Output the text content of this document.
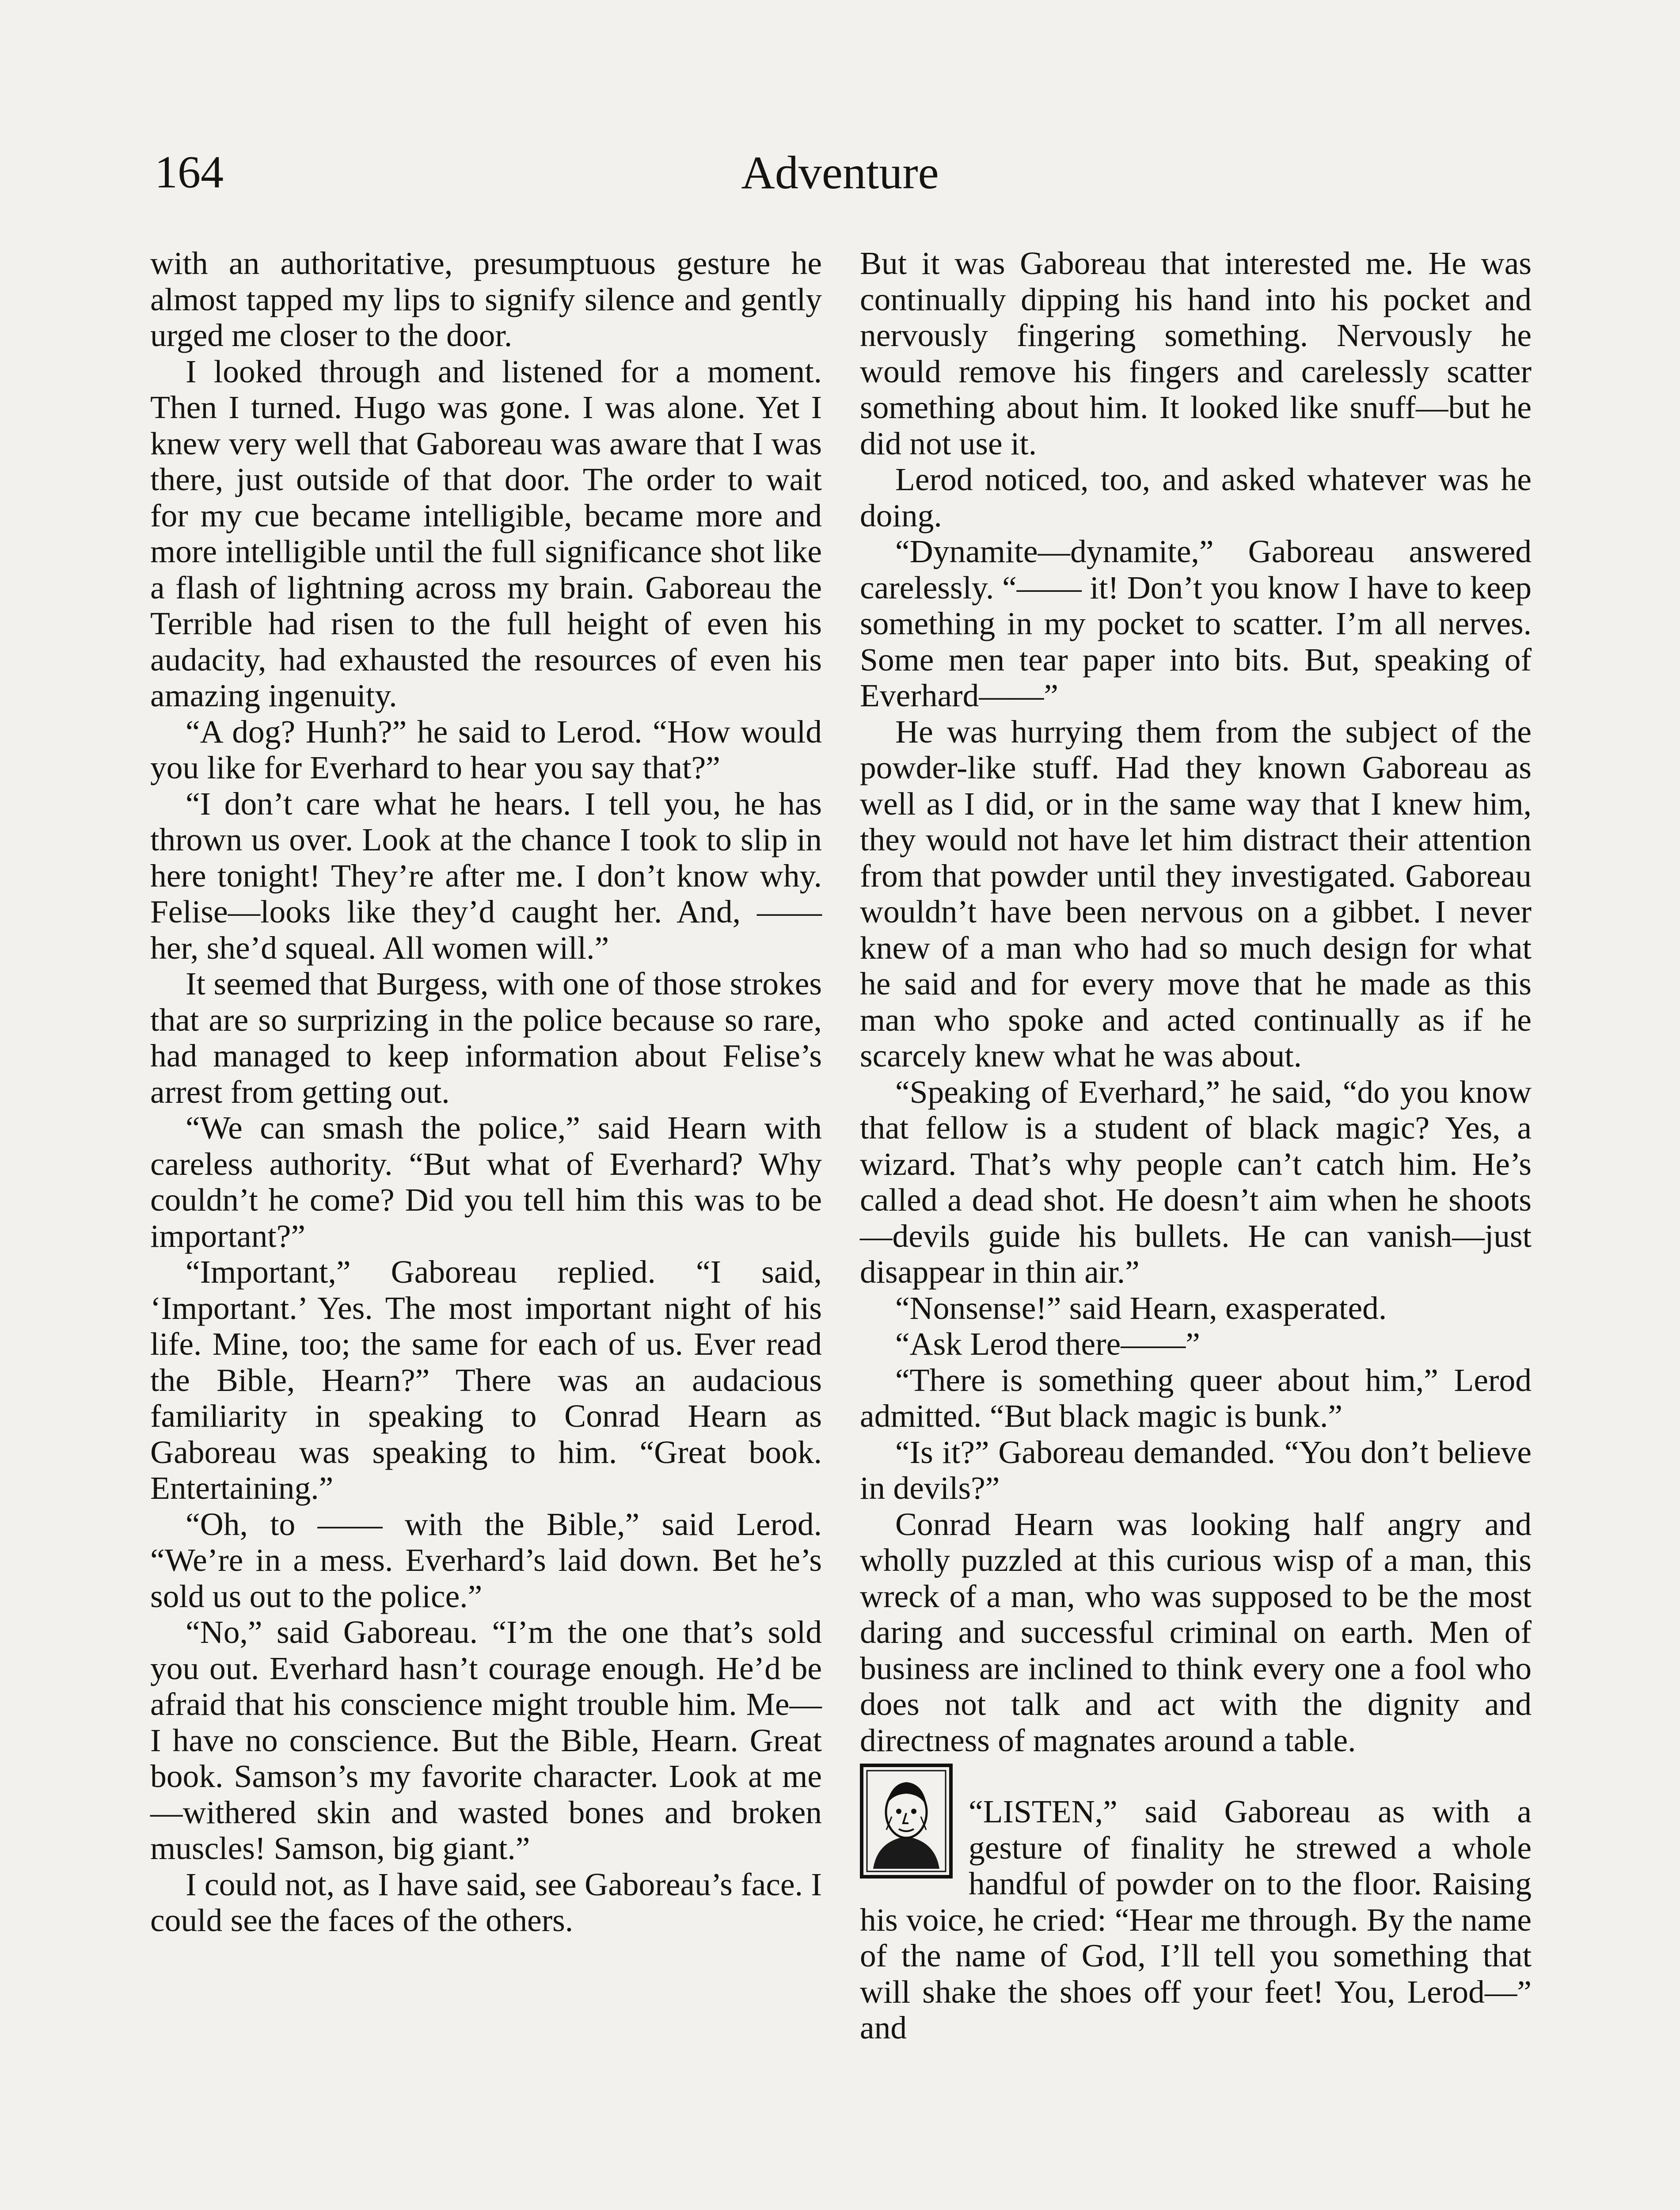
164	Adventure

with an authoritative, presumptuous gesture he almost tapped my lips to signify silence and gently urged me closer to the door.

I looked through and listened for a moment. Then I turned. Hugo was gone. I was alone. Yet I knew very well that Gaboreau was aware that I was there, just outside of that door. The order to wait for my cue became intelligible, became more and more intelligible until the full significance shot like a flash of lightning across my brain. Gaboreau the Terrible had risen to the full height of even his audacity, had exhausted the resources of even his amazing ingenuity.

“A dog? Hunh?” he said to Lerod. “How would you like for Everhard to hear you say that?”

“I don’t care what he hears. I tell you, he has thrown us over. Look at the chance I took to slip in here tonight! They’re after me. I don’t know why. Felise—looks like they’d caught her. And, —— her, she’d squeal. All women will.”

It seemed that Burgess, with one of those strokes that are so surprizing in the police because so rare, had managed to keep information about Felise’s arrest from getting out.

“We can smash the police,” said Hearn with careless authority. “But what of Everhard? Why couldn’t he come? Did you tell him this was to be important?”

“Important,” Gaboreau replied. “I said, ‘Important.’ Yes. The most important night of his life. Mine, too; the same for each of us. Ever read the Bible, Hearn?” There was an audacious familiarity in speaking to Conrad Hearn as Gaboreau was speaking to him. “Great book. Entertaining.”

“Oh, to —— with the Bible,” said Lerod. “We’re in a mess. Everhard’s laid down. Bet he’s sold us out to the police.”

“No,” said Gaboreau. “I’m the one that’s sold you out. Everhard hasn’t courage enough. He’d be afraid that his conscience might trouble him. Me—I have no conscience. But the Bible, Hearn. Great book. Samson’s my favorite character. Look at me—withered skin and wasted bones and broken muscles! Samson, big giant.”

I could not, as I have said, see Gaboreau’s face. I could see the faces of the others.

But it was Gaboreau that interested me. He was continually dipping his hand into his pocket and nervously fingering something. Nervously he would remove his fingers and carelessly scatter something about him. It looked like snuff—but he did not use it.

Lerod noticed, too, and asked whatever was he doing.

“Dynamite—dynamite,” Gaboreau answered carelessly. “—— it! Don’t you know I have to keep something in my pocket to scatter. I’m all nerves. Some men tear paper into bits. But, speaking of Everhard——”

He was hurrying them from the subject of the powder-like stuff. Had they known Gaboreau as well as I did, or in the same way that I knew him, they would not have let him distract their attention from that powder until they investigated. Gaboreau wouldn’t have been nervous on a gibbet. I never knew of a man who had so much design for what he said and for every move that he made as this man who spoke and acted continually as if he scarcely knew what he was about.

“Speaking of Everhard,” he said, “do you know that fellow is a student of black magic? Yes, a wizard. That’s why people can’t catch him. He’s called a dead shot. He doesn’t aim when he shoots—devils guide his bullets. He can vanish—just disappear in thin air.”

“Nonsense!” said Hearn, exasperated.

“Ask Lerod there——”

“There is something queer about him,” Lerod admitted. “But black magic is bunk.”

“Is it?” Gaboreau demanded. “You don’t believe in devils?”

Conrad Hearn was looking half angry and wholly puzzled at this curious wisp of a man, this wreck of a man, who was supposed to be the most daring and successful criminal on earth. Men of business are inclined to think every one a fool who does not talk and act with the dignity and directness of magnates around a table.

“LISTEN,” said Gaboreau as with a gesture of finality he strewed a whole handful of powder on to the floor. Raising his voice, he cried: “Hear me through. By the name of the name of God, I’ll tell you something that will shake the shoes off your feet! You, Lerod—” and
